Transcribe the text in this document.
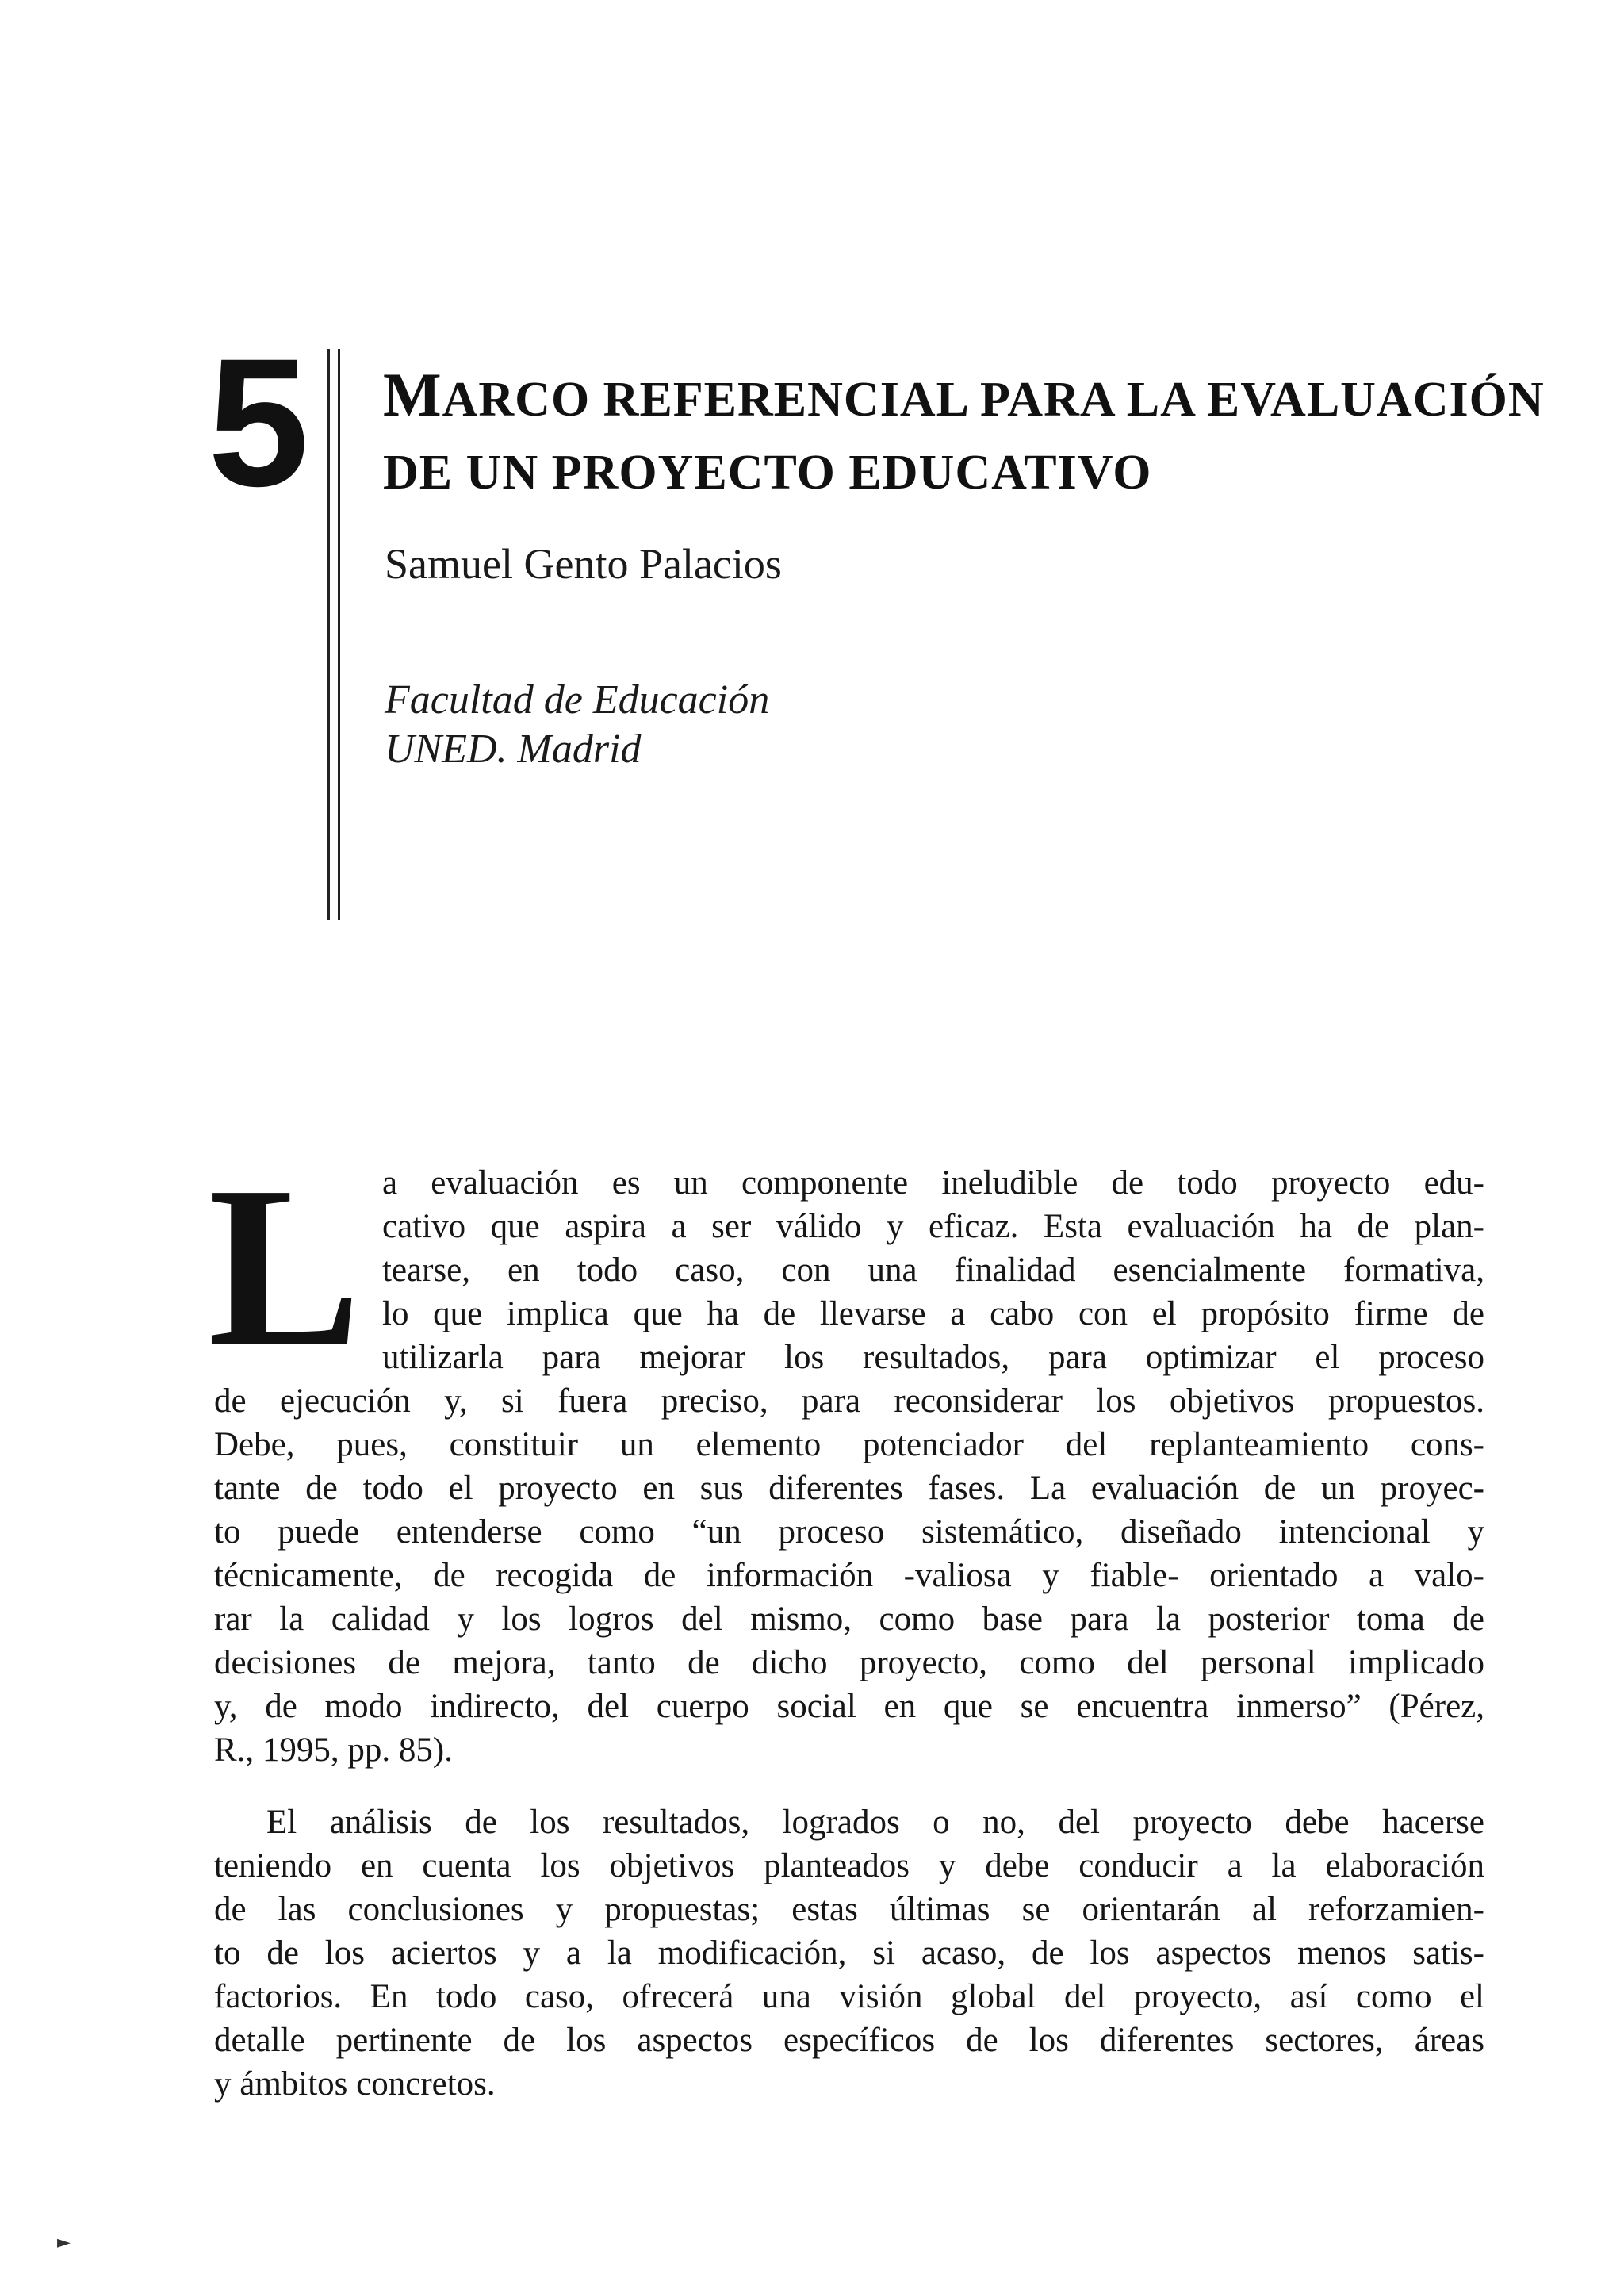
5 MARCO REFERENCIAL PARA LA EVALUACIÓN
DE UN PROYECTO EDUCATIVO
Samuel Gento Palacios
Facultad de Educación
UNED. Madrid
L a evaluación es un componente ineludible de todo proyecto edu-
cativo que aspira a ser válido y eficaz. Esta evaluación ha de plan-
tearse, en todo caso, con una finalidad esencialmente formativa,
lo que implica que ha de llevarse a cabo con el propósito firme de
utilizarla para mejorar los resultados, para optimizar el proceso
de ejecución y, si fuera preciso, para reconsiderar los objetivos propuestos.
Debe, pues, constituir un elemento potenciador del replanteamiento cons-
tante de todo el proyecto en sus diferentes fases. La evaluación de un proyec-
to puede entenderse como “un proceso sistemático, diseñado intencional y
técnicamente, de recogida de información -valiosa y fiable- orientado a valo-
rar la calidad y los logros del mismo, como base para la posterior toma de
decisiones de mejora, tanto de dicho proyecto, como del personal implicado
y, de modo indirecto, del cuerpo social en que se encuentra inmerso” (Pérez,
R., 1995, pp. 85).
El análisis de los resultados, logrados o no, del proyecto debe hacerse
teniendo en cuenta los objetivos planteados y debe conducir a la elaboración
de las conclusiones y propuestas; estas últimas se orientarán al reforzamien-
to de los aciertos y a la modificación, si acaso, de los aspectos menos satis-
factorios. En todo caso, ofrecerá una visión global del proyecto, así como el
detalle pertinente de los aspectos específicos de los diferentes sectores, áreas
y ámbitos concretos.
►
